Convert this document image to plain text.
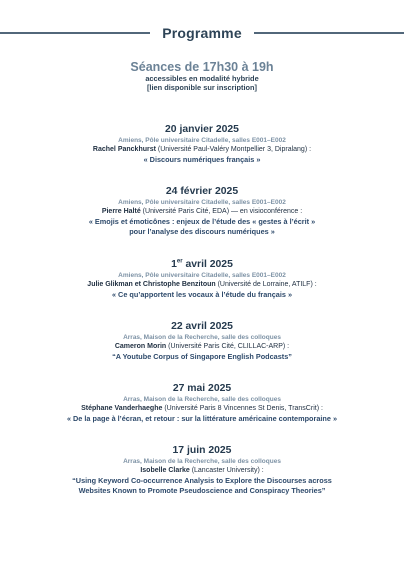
Programme
Séances de 17h30 à 19h
accessibles en modalité hybride
[lien disponible sur inscription]
20 janvier 2025
Amiens, Pôle universitaire Citadelle, salles E001–E002
Rachel Panckhurst (Université Paul-Valéry Montpellier 3, Dipralang) :
« Discours numériques français »
24 février 2025
Amiens, Pôle universitaire Citadelle, salles E001–E002
Pierre Halté (Université Paris Cité, EDA) — en visioconférence :
« Emojis et émoticônes : enjeux de l’étude des « gestes à l’écrit »
pour l’analyse des discours numériques »
1er avril 2025
Amiens, Pôle universitaire Citadelle, salles E001–E002
Julie Glikman et Christophe Benzitoun (Université de Lorraine, ATILF) :
« Ce qu’apportent les vocaux à l’étude du français »
22 avril 2025
Arras, Maison de la Recherche, salle des colloques
Cameron Morin (Université Paris Cité, CLILLAC-ARP) :
“A Youtube Corpus of Singapore English Podcasts”
27 mai 2025
Arras, Maison de la Recherche, salle des colloques
Stéphane Vanderhaeghe (Université Paris 8 Vincennes St Denis, TransCrit) :
« De la page à l’écran, et retour : sur la littérature américaine contemporaine »
17 juin 2025
Arras, Maison de la Recherche, salle des colloques
Isobelle Clarke (Lancaster University) :
“Using Keyword Co-occurrence Analysis to Explore the Discourses across
Websites Known to Promote Pseudoscience and Conspiracy Theories”
